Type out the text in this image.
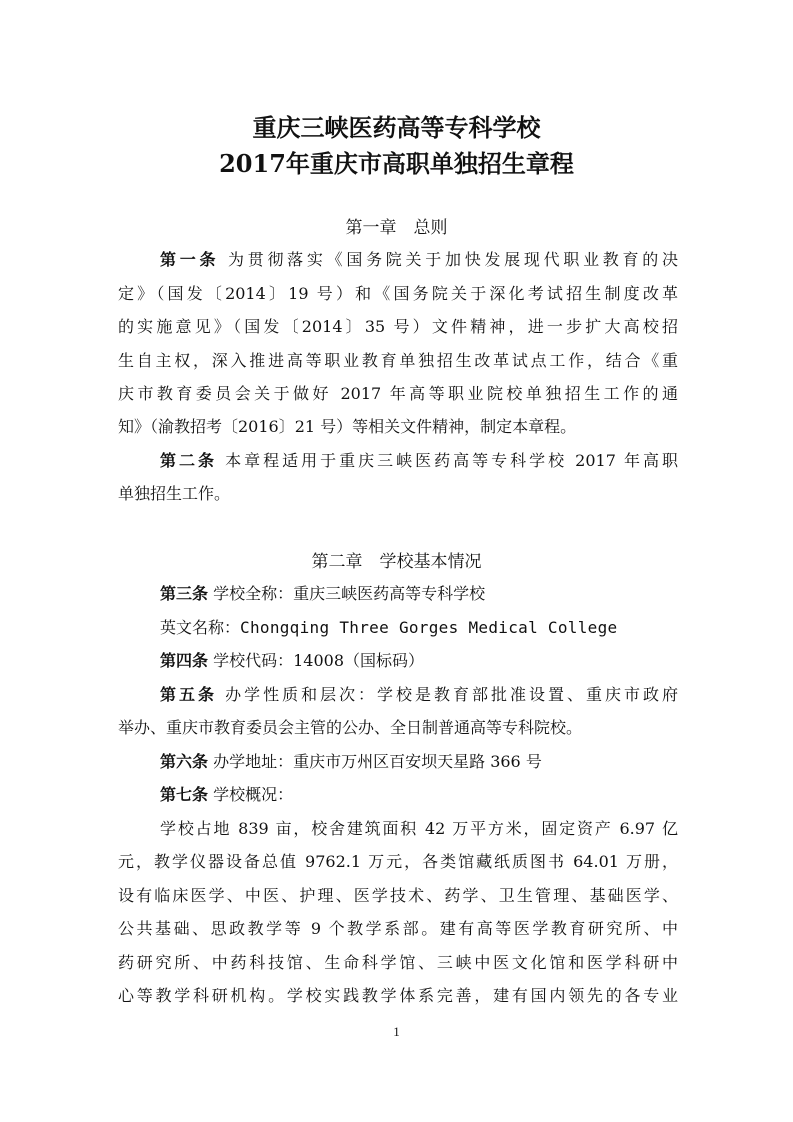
重庆三峡医药高等专科学校
2017年重庆市高职单独招生章程
第一章　总则
第一条 为贯彻落实《国务院关于加快发展现代职业教育的决
定》（国发〔2014〕19 号）和《国务院关于深化考试招生制度改革
的实施意见》（国发〔2014〕35 号）文件精神，进一步扩大高校招
生自主权，深入推进高等职业教育单独招生改革试点工作，结合《重
庆市教育委员会关于做好 2017 年高等职业院校单独招生工作的通
知》（渝教招考〔2016〕21 号）等相关文件精神，制定本章程。
第二条 本章程适用于重庆三峡医药高等专科学校 2017 年高职
单独招生工作。
第二章　学校基本情况
第三条 学校全称：重庆三峡医药高等专科学校
英文名称：Chongqing Three Gorges Medical College
第四条 学校代码：14008（国标码）
第五条 办学性质和层次：学校是教育部批准设置、重庆市政府
举办、重庆市教育委员会主管的公办、全日制普通高等专科院校。
第六条 办学地址：重庆市万州区百安坝天星路 366 号
第七条 学校概况：
学校占地 839 亩，校舍建筑面积 42 万平方米，固定资产 6.97 亿
元，教学仪器设备总值 9762.1 万元，各类馆藏纸质图书 64.01 万册，
设有临床医学、中医、护理、医学技术、药学、卫生管理、基础医学、
公共基础、思政教学等 9 个教学系部。建有高等医学教育研究所、中
药研究所、中药科技馆、生命科学馆、三峡中医文化馆和医学科研中
心等教学科研机构。学校实践教学体系完善，建有国内领先的各专业
1
